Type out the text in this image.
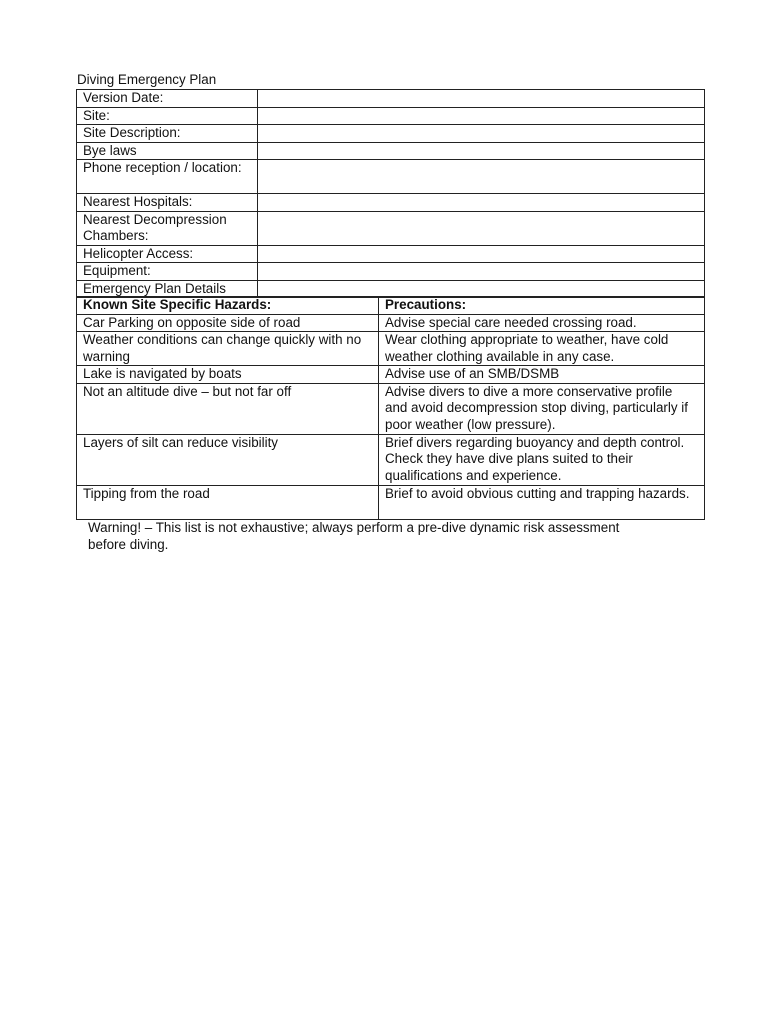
Diving Emergency Plan
Version Date:	
Site:	
Site Description:	
Bye laws	
Phone reception / location:	
Nearest Hospitals:	
Nearest Decompression Chambers:	
Helicopter Access:	
Equipment:	
Emergency Plan Details	
Known Site Specific Hazards:	Precautions:
Car Parking on opposite side of road	Advise special care needed crossing road.
Weather conditions can change quickly with no warning	Wear clothing appropriate to weather, have cold weather clothing available in any case.
Lake is navigated by boats	Advise use of an SMB/DSMB
Not an altitude dive – but not far off	Advise divers to dive a more conservative profile and avoid decompression stop diving, particularly if poor weather (low pressure).
Layers of silt can reduce visibility	Brief divers regarding buoyancy and depth control. Check they have dive plans suited to their qualifications and experience.
Tipping from the road	Brief to avoid obvious cutting and trapping hazards.
Warning! – This list is not exhaustive; always perform a pre-dive dynamic risk assessment before diving.
